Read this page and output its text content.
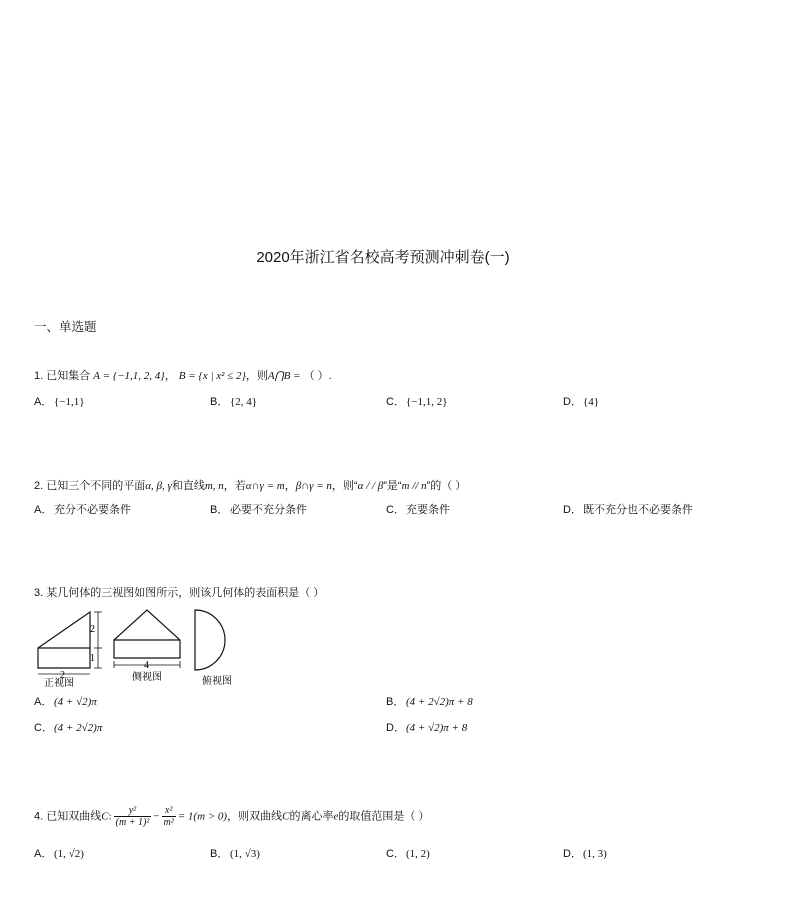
2020年浙江省名校高考预测冲刺卷(一)
一、单选题
1. 已知集合 A = {−1,1, 2, 4}， B = {x | x² ≤ 2}，则A⋂B = （ ）.
A． {−1,1}	B． {2, 4}	C．{−1,1, 2}	D．{4}
2. 已知三个不同的平面α, β, γ和直线m, n，若α∩γ = m，β∩γ = n，则“α / / β”是“m // n”的（ ）
A． 充分不必要条件	B． 必要不充分条件	C．充要条件	D．既不充分也不必要条件
3. 某几何体的三视图如图所示，则该几何体的表面积是（ ）
2
1
2
4
正视图
侧视图	俯视图
A． (4 + √2)π	B． (4 + 2√2)π + 8
C．(4 + 2√2)π	D．(4 + √2)π + 8
4. 已知双曲线C: $\frac{\text{y²}}{\text{(m + 1)²}} - \frac{\text{x²}}{\text{m²}} = 1(m > 0)$，则双曲线C的离心率e的取值范围是（ ）
A． (1, √2)	B． (1, √3)	C．(1, 2)	D．(1, 3)
